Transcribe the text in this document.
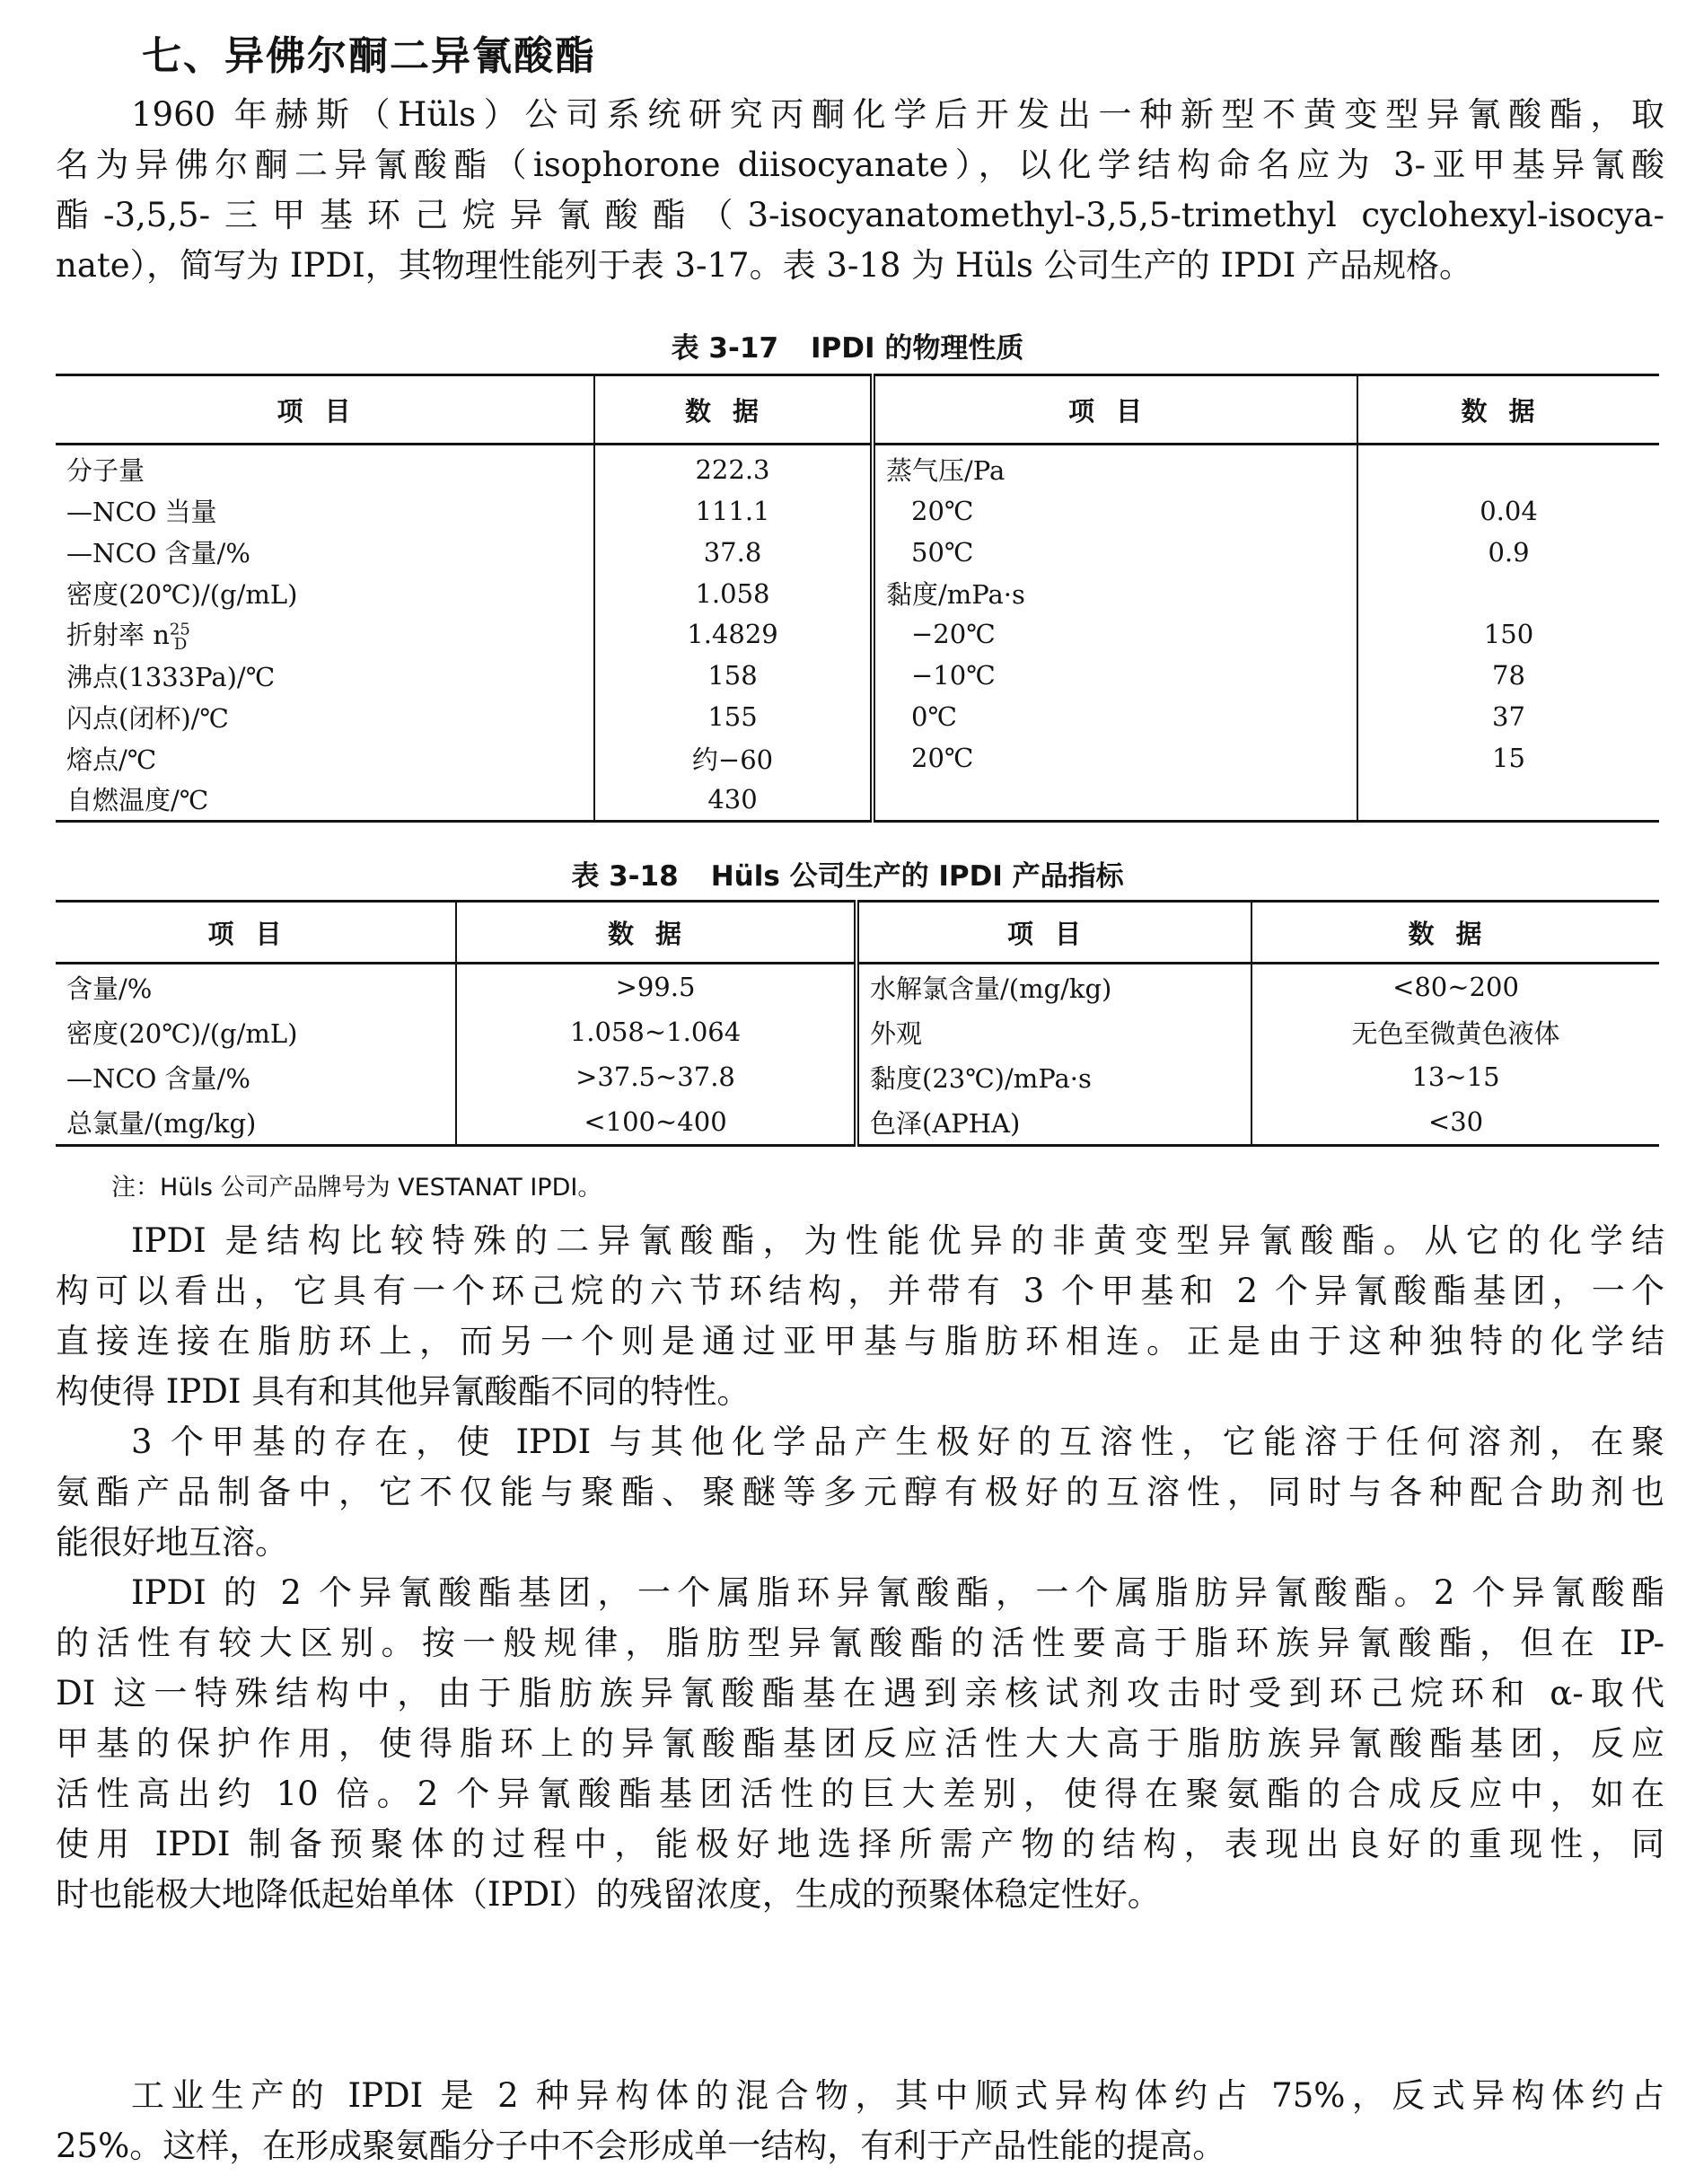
七、异佛尔酮二异氰酸酯
1960 年赫斯（Hüls）公司系统研究丙酮化学后开发出一种新型不黄变型异氰酸酯，取
名为异佛尔酮二异氰酸酯（isophorone diisocyanate），以化学结构命名应为 3-亚甲基异氰酸
酯-3,5,5-三甲基环己烷异氰酸酯（3-isocyanatomethyl-3,5,5-trimethyl cyclohexyl-isocya-
nate），简写为 IPDI，其物理性能列于表 3-17。表 3-18 为 Hüls 公司生产的 IPDI 产品规格。
表 3-17 IPDI 的物理性质
项目	数据	项目	数据
分子量	222.3	蒸气压/Pa	
—NCO 当量	111.1	20℃	0.04
—NCO 含量/%	37.8	50℃	0.9
密度(20℃)/(g/mL)	1.058	黏度/mPa·s	
折射率 $n^{25}_D$	1.4829	−20℃	150
沸点(1333Pa)/℃	158	−10℃	78
闪点(闭杯)/℃	155	0℃	37
熔点/℃	约−60	20℃	15
自燃温度/℃	430		
表 3-18 Hüls 公司生产的 IPDI 产品指标
项目	数据	项目	数据
含量/%	>99.5	水解氯含量/(mg/kg)	<80~200
密度(20℃)/(g/mL)	1.058~1.064	外观	无色至微黄色液体
—NCO 含量/%	>37.5~37.8	黏度(23℃)/mPa·s	13~15
总氯量/(mg/kg)	<100~400	色泽(APHA)	<30
注：Hüls 公司产品牌号为 VESTANAT IPDI。
IPDI 是结构比较特殊的二异氰酸酯，为性能优异的非黄变型异氰酸酯。从它的化学结
构可以看出，它具有一个环己烷的六节环结构，并带有 3 个甲基和 2 个异氰酸酯基团，一个
直接连接在脂肪环上，而另一个则是通过亚甲基与脂肪环相连。正是由于这种独特的化学结
构使得 IPDI 具有和其他异氰酸酯不同的特性。
3 个甲基的存在，使 IPDI 与其他化学品产生极好的互溶性，它能溶于任何溶剂，在聚
氨酯产品制备中，它不仅能与聚酯、聚醚等多元醇有极好的互溶性，同时与各种配合助剂也
能很好地互溶。
IPDI 的 2 个异氰酸酯基团，一个属脂环异氰酸酯，一个属脂肪异氰酸酯。2 个异氰酸酯
的活性有较大区别。按一般规律，脂肪型异氰酸酯的活性要高于脂环族异氰酸酯，但在 IP-
DI 这一特殊结构中，由于脂肪族异氰酸酯基在遇到亲核试剂攻击时受到环己烷环和 α-取代
甲基的保护作用，使得脂环上的异氰酸酯基团反应活性大大高于脂肪族异氰酸酯基团，反应
活性高出约 10 倍。2 个异氰酸酯基团活性的巨大差别，使得在聚氨酯的合成反应中，如在
使用 IPDI 制备预聚体的过程中，能极好地选择所需产物的结构，表现出良好的重现性，同
时也能极大地降低起始单体（IPDI）的残留浓度，生成的预聚体稳定性好。
工业生产的 IPDI 是 2 种异构体的混合物，其中顺式异构体约占 75%，反式异构体约占
25%。这样，在形成聚氨酯分子中不会形成单一结构，有利于产品性能的提高。
